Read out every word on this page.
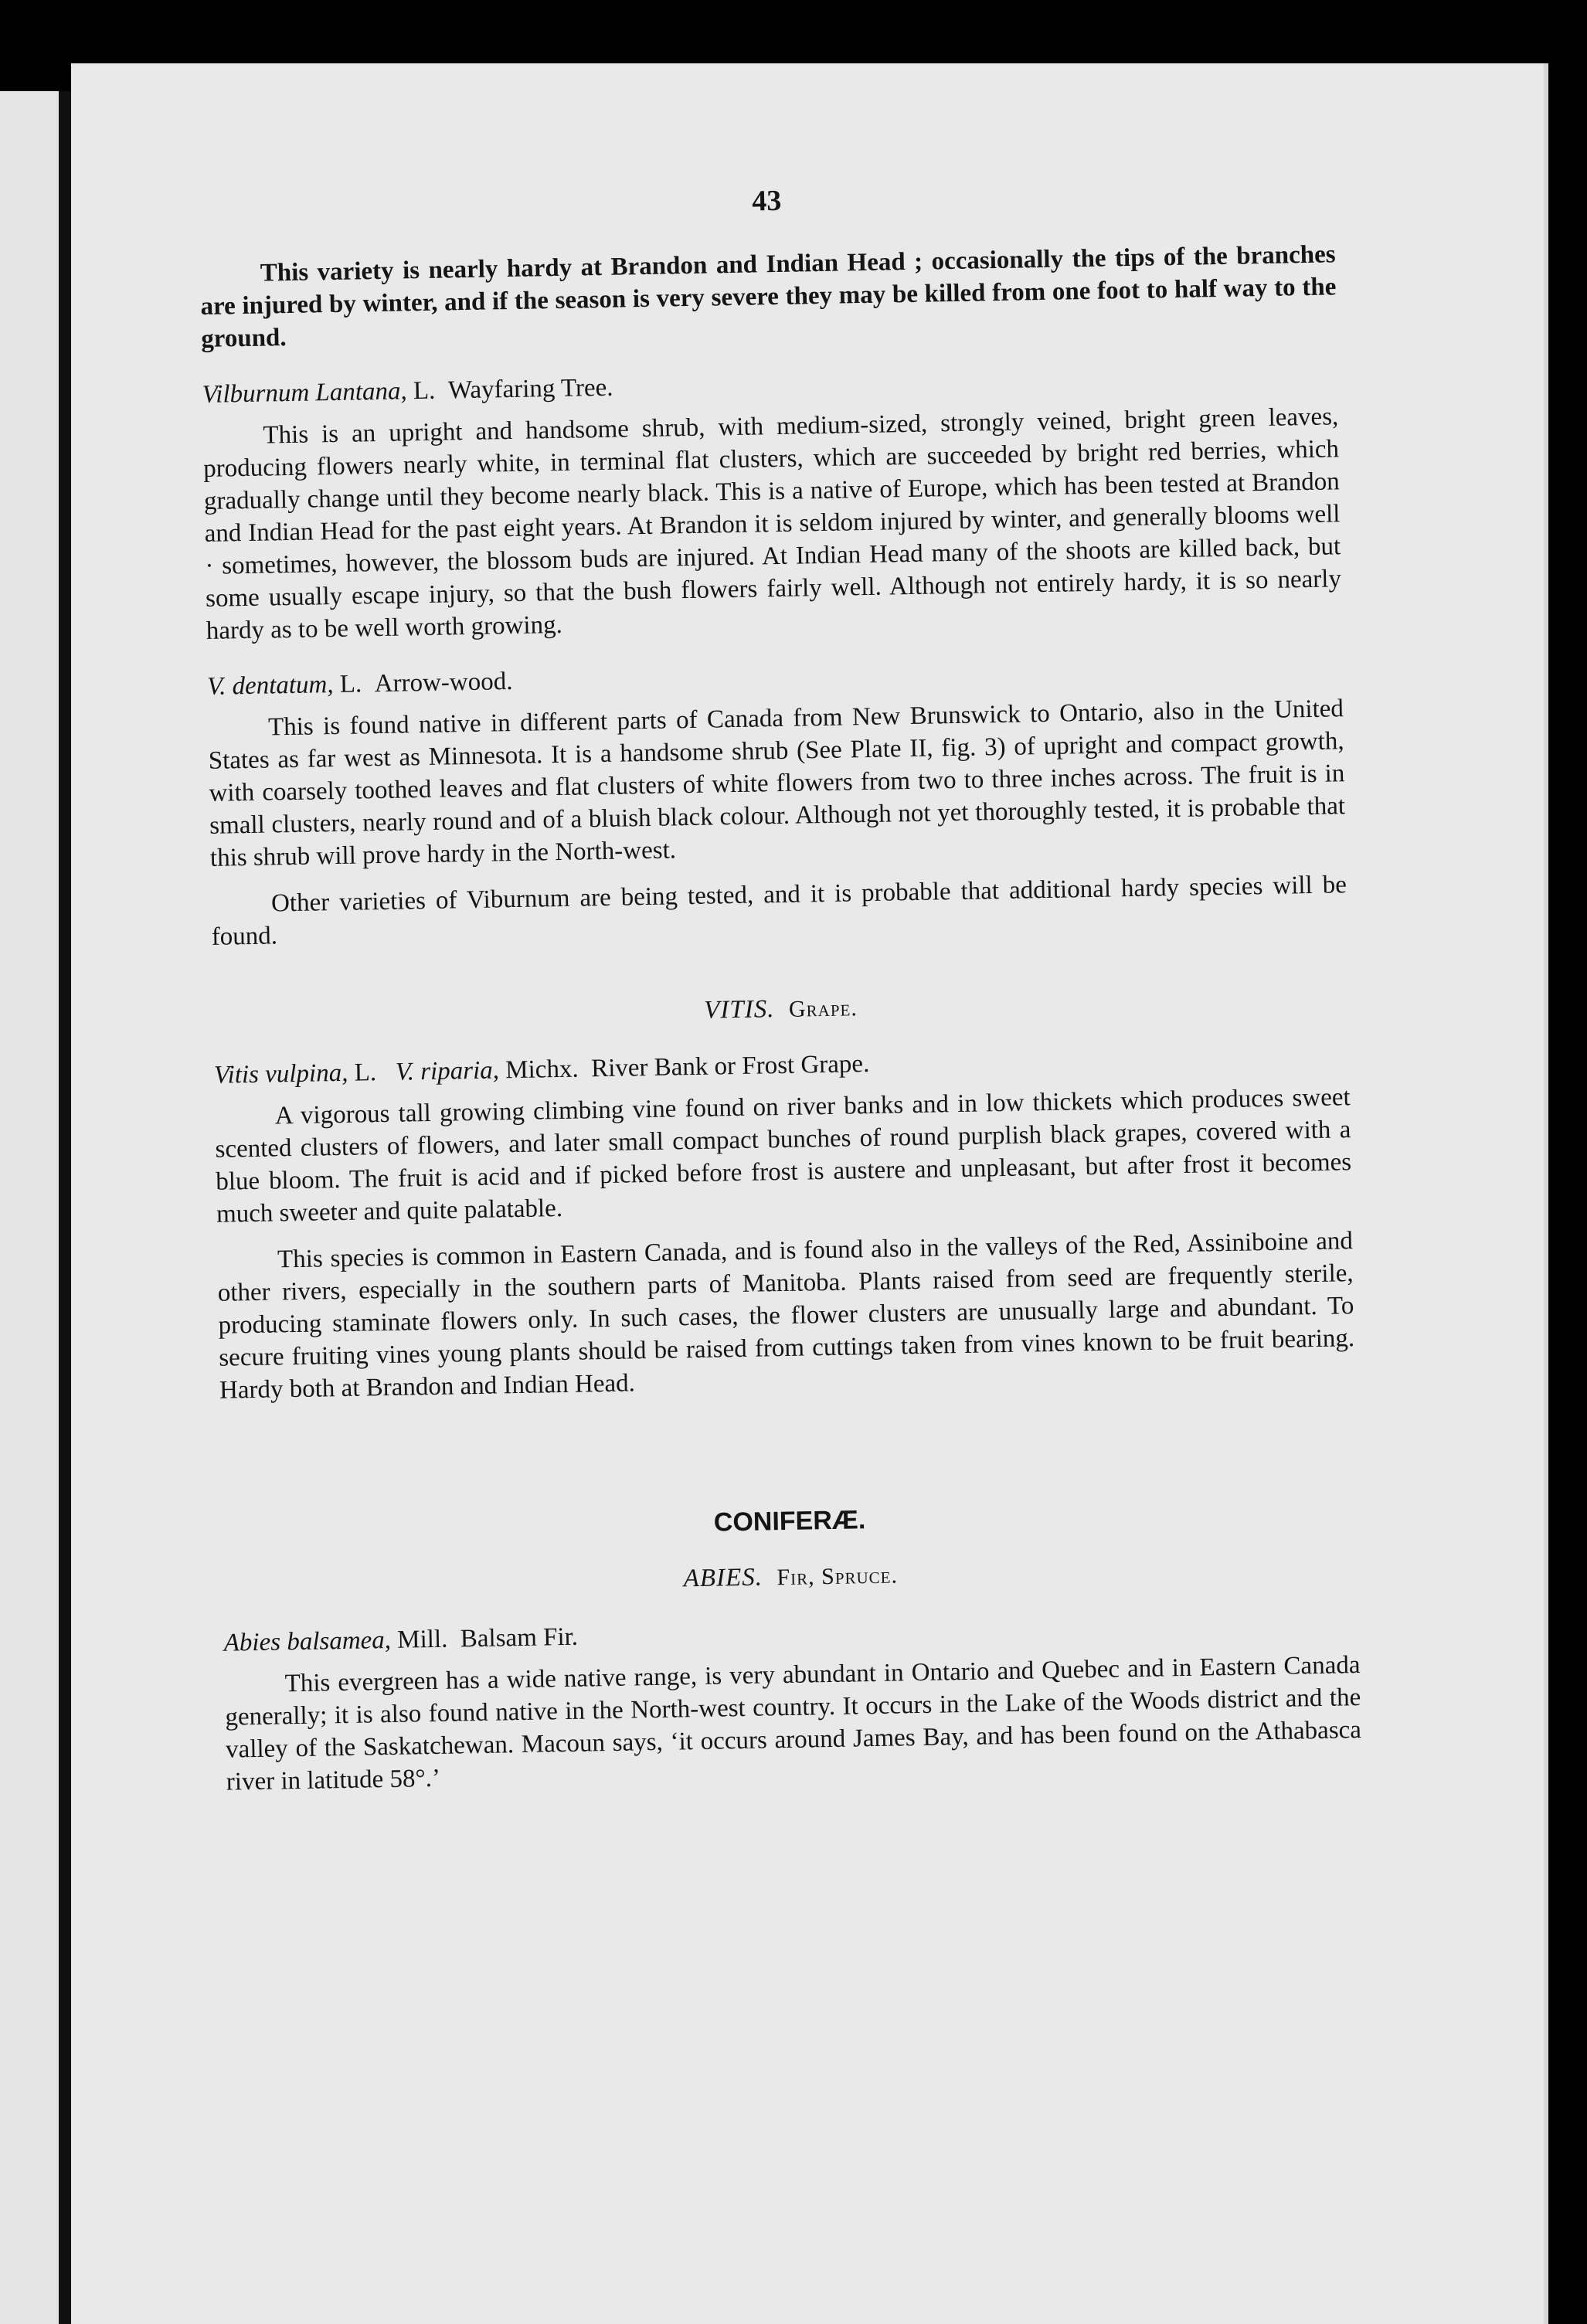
43

This variety is nearly hardy at Brandon and Indian Head ; occasionally the tips of the branches are injured by winter, and if the season is very severe they may be killed from one foot to half way to the ground.

Vilburnum Lantana, L. Wayfaring Tree.

This is an upright and handsome shrub, with medium-sized, strongly veined, bright green leaves, producing flowers nearly white, in terminal flat clusters, which are succeeded by bright red berries, which gradually change until they become nearly black. This is a native of Europe, which has been tested at Brandon and Indian Head for the past eight years. At Brandon it is seldom injured by winter, and generally blooms well · sometimes, however, the blossom buds are injured. At Indian Head many of the shoots are killed back, but some usually escape injury, so that the bush flowers fairly well. Although not entirely hardy, it is so nearly hardy as to be well worth growing.

V. dentatum, L. Arrow-wood.

This is found native in different parts of Canada from New Brunswick to Ontario, also in the United States as far west as Minnesota. It is a handsome shrub (See Plate II, fig. 3) of upright and compact growth, with coarsely toothed leaves and flat clusters of white flowers from two to three inches across. The fruit is in small clusters, nearly round and of a bluish black colour. Although not yet thoroughly tested, it is probable that this shrub will prove hardy in the North-west.

Other varieties of Viburnum are being tested, and it is probable that additional hardy species will be found.

VITIS. Grape.
Vitis vulpina, L. V. riparia, Michx. River Bank or Frost Grape.

A vigorous tall growing climbing vine found on river banks and in low thickets which produces sweet scented clusters of flowers, and later small compact bunches of round purplish black grapes, covered with a blue bloom. The fruit is acid and if picked before frost is austere and unpleasant, but after frost it becomes much sweeter and quite palatable.

This species is common in Eastern Canada, and is found also in the valleys of the Red, Assiniboine and other rivers, especially in the southern parts of Manitoba. Plants raised from seed are frequently sterile, producing staminate flowers only. In such cases, the flower clusters are unusually large and abundant. To secure fruiting vines young plants should be raised from cuttings taken from vines known to be fruit bearing. Hardy both at Brandon and Indian Head.

CONIFERÆ.
ABIES. Fir, Spruce.
Abies balsamea, Mill. Balsam Fir.

This evergreen has a wide native range, is very abundant in Ontario and Quebec and in Eastern Canada generally; it is also found native in the North-west country. It occurs in the Lake of the Woods district and the valley of the Saskatchewan. Macoun says, ‘it occurs around James Bay, and has been found on the Athabasca river in latitude 58°.’
